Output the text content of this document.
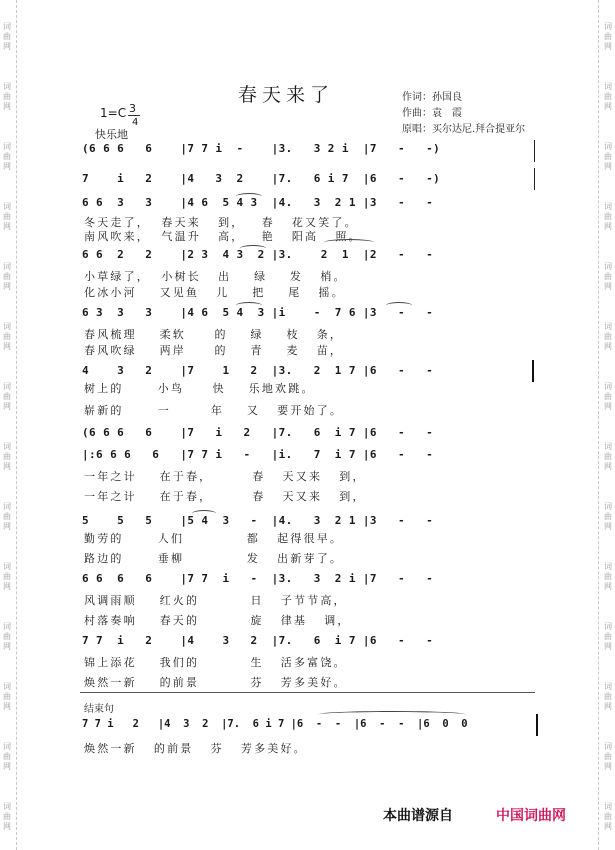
词
曲
网
词
曲
网
词
曲
网
词
曲
网
词
曲
网
词
曲
网
词
曲
网
词
曲
网
词
曲
网
词
曲
网
词
曲
网
词
曲
网
词
曲
网
词
曲
网
词
曲
网
词
曲
网
词
曲
网
词
曲
网
词
曲
网
词
曲
网
词
曲
网
词
曲
网
词
曲
网
词
曲
网
词
曲
网
词
曲
网
词
曲
网
词
曲
网
春天来了	作词：孙国良
作曲：袁　霞
原唱：买尔达尼.拜合提亚尔
1=C 3
4
快乐地
(6 6 6   6    |7 7 i  -    |3.   3 2 i  |7   -   -)
7    i   2    |4   3  2    |7.   6 i 7  |6   -   -)
6 6  3   3    |4 6  5 4 3  |4.   3  2 1 |3   -   -
冬天走了，  春天来   到，   春   花又笑了。
南风吹来，  气温升   高，   艳   阳高   照。
6 6  2   2    |2 3  4 3  2 |3.    2  1  |2   -   -
小草绿了，  小树长   出    绿    发   梢。
化冰小河    又见鱼   儿    把    尾   摇。
6 3  3   3    |4 6  5 4  3 |i    -  7 6 |3   -   -
春风梳理    柔软     的    绿    枝   条，
春风吹绿    两岸     的    青    麦   苗，
4    3   2    |7    1   2  |3.   2  1 7 |6   -   -
树上的      小鸟     快    乐地欢跳。
崭新的      一       年    又   要开始了。
(6 6 6   6    |7   i   2   |7.   6  i 7 |6   -   -
|:6 6 6   6   |7 7 i   -   |i.   7  i 7 |6   -   -
一年之计    在于春，       春   天又来   到，
一年之计    在于春，       春   天又来   到，
5    5   5    |5 4  3   -  |4.   3  2 1 |3   -   -
勤劳的      人们           都   起得很早。
路边的      垂柳           发   出新芽了。
6 6  6   6    |7 7  i   -  |3.   3  2 i |7   -   -
风调雨顺    红火的         日   子节节高，
村落奏响    春天的         旋   律基   调，
7 7  i   2    |4    3   2  |7.   6  i 7 |6   -   -
锦上添花    我们的         生   活多富饶。
焕然一新    的前景         芬   芳多美好。
结束句
7 7 i   2   |4  3  2  |7.  6 i 7 |6  -  -  |6  -  -  |6  0  0
焕然一新   的前景   芬   芳多美好。
本曲谱源自	中国词曲网
